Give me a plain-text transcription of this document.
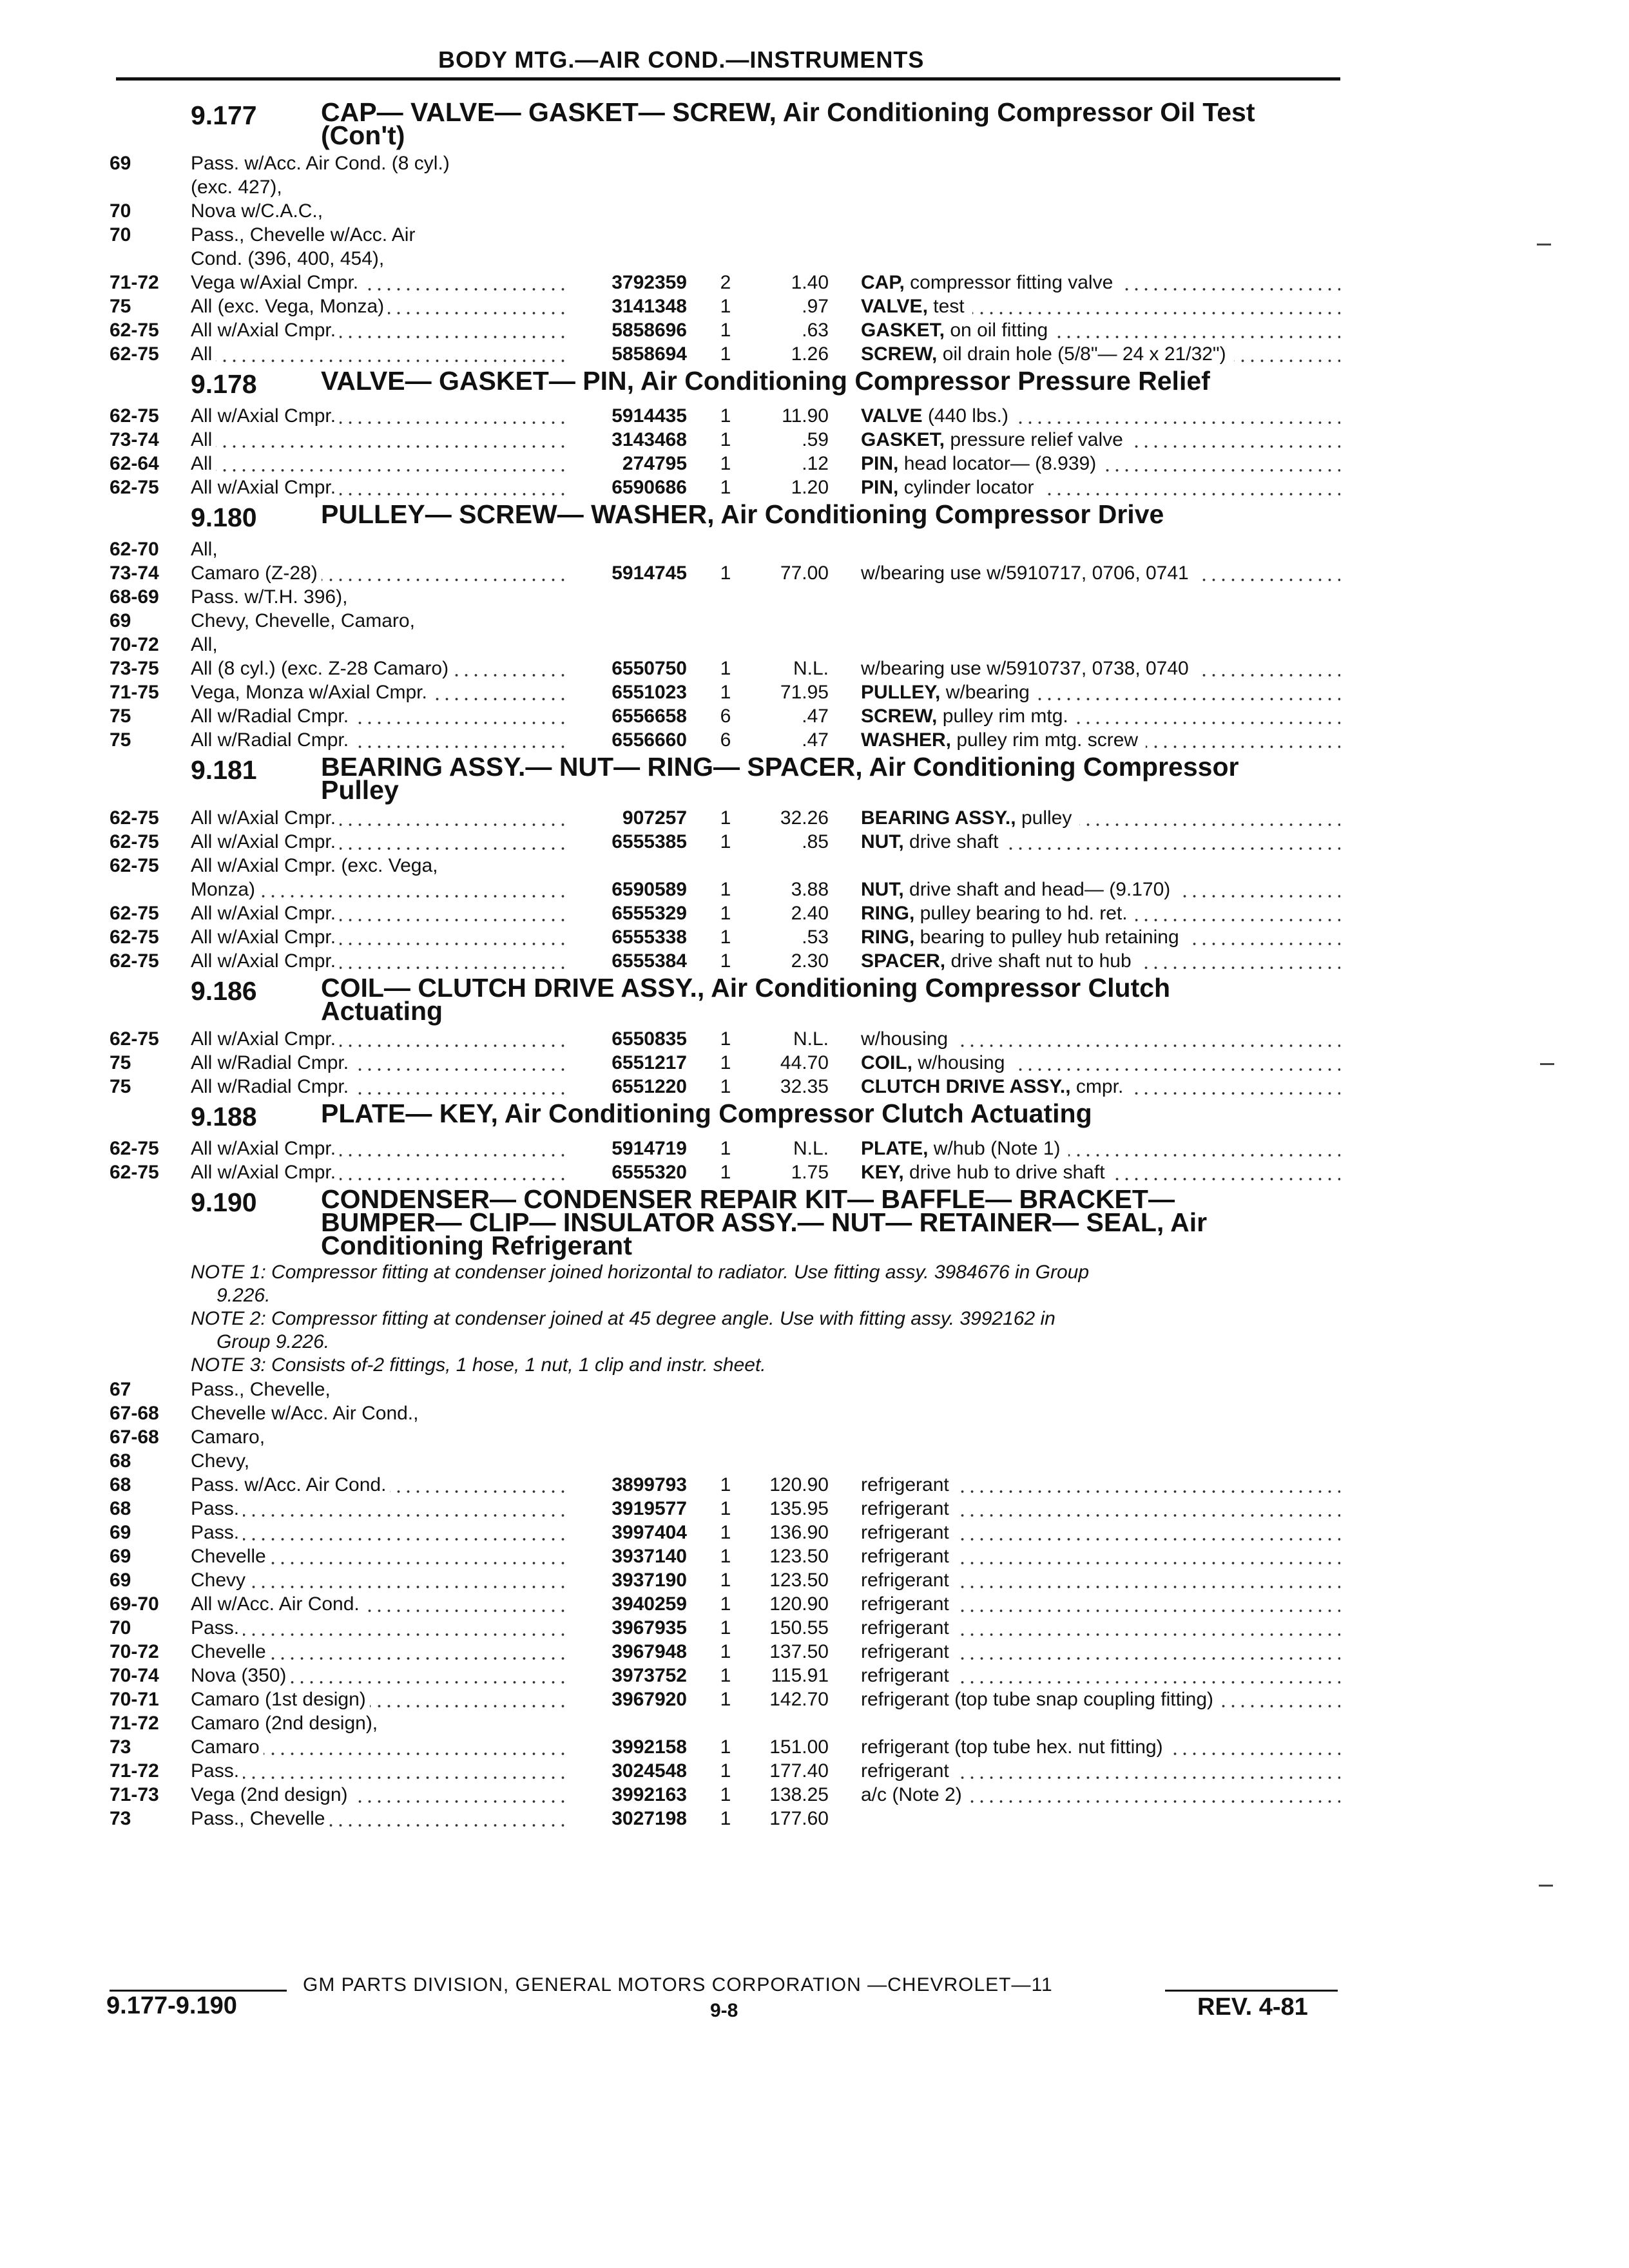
BODY MTG.—AIR COND.—INSTRUMENTS
9.177	CAP— VALVE— GASKET— SCREW, Air Conditioning Compressor Oil Test (Con't)
69	Pass. w/Acc. Air Cond. (8 cyl.)
(exc. 427),
70	Nova w/C.A.C.,
70	Pass., Chevelle w/Acc. Air
Cond. (396, 400, 454),
71-72	Vega w/Axial Cmpr.	3792359	2	1.40 CAP, compressor fitting valve
75	All (exc. Vega, Monza)	3141348	1	.97 VALVE, test
62-75	All w/Axial Cmpr.	5858696	1	.63 GASKET, on oil fitting
62-75	All	5858694	1	1.26 SCREW, oil drain hole (5/8"— 24 x 21/32")
9.178	VALVE— GASKET— PIN, Air Conditioning Compressor Pressure Relief
62-75	All w/Axial Cmpr.	5914435	1	11.90 VALVE (440 lbs.)
73-74	All	3143468	1	.59 GASKET, pressure relief valve
62-64	All	274795	1	.12 PIN, head locator— (8.939)
62-75	All w/Axial Cmpr.	6590686	1	1.20 PIN, cylinder locator
9.180	PULLEY— SCREW— WASHER, Air Conditioning Compressor Drive
62-70	All,
73-74	Camaro (Z-28)	5914745	1	77.00 w/bearing use w/5910717, 0706, 0741
68-69	Pass. w/T.H. 396),
69	Chevy, Chevelle, Camaro,
70-72	All,
73-75	All (8 cyl.) (exc. Z-28 Camaro)	6550750	1	N.L. w/bearing use w/5910737, 0738, 0740
71-75	Vega, Monza w/Axial Cmpr.	6551023	1	71.95 PULLEY, w/bearing
75	All w/Radial Cmpr.	6556658	6	.47 SCREW, pulley rim mtg.
75	All w/Radial Cmpr.	6556660	6	.47 WASHER, pulley rim mtg. screw
9.181	BEARING ASSY.— NUT— RING— SPACER, Air Conditioning Compressor Pulley
62-75	All w/Axial Cmpr.	907257	1	32.26 BEARING ASSY., pulley
62-75	All w/Axial Cmpr.	6555385	1	.85 NUT, drive shaft
62-75	All w/Axial Cmpr. (exc. Vega,
Monza)	6590589	1	3.88 NUT, drive shaft and head— (9.170)
62-75	All w/Axial Cmpr.	6555329	1	2.40 RING, pulley bearing to hd. ret.
62-75	All w/Axial Cmpr.	6555338	1	.53 RING, bearing to pulley hub retaining
62-75	All w/Axial Cmpr.	6555384	1	2.30 SPACER, drive shaft nut to hub
9.186	COIL— CLUTCH DRIVE ASSY., Air Conditioning Compressor Clutch Actuating
62-75	All w/Axial Cmpr.	6550835	1	N.L. w/housing
75	All w/Radial Cmpr.	6551217	1	44.70 COIL, w/housing
75	All w/Radial Cmpr.	6551220	1	32.35 CLUTCH DRIVE ASSY., cmpr.
9.188	PLATE— KEY, Air Conditioning Compressor Clutch Actuating
62-75	All w/Axial Cmpr.	5914719	1	N.L. PLATE, w/hub (Note 1)
62-75	All w/Axial Cmpr.	6555320	1	1.75 KEY, drive hub to drive shaft
9.190	CONDENSER— CONDENSER REPAIR KIT— BAFFLE— BRACKET— BUMPER— CLIP— INSULATOR ASSY.— NUT— RETAINER— SEAL, Air Conditioning Refrigerant
NOTE 1: Compressor fitting at condenser joined horizontal to radiator. Use fitting assy. 3984676 in Group
9.226.
NOTE 2: Compressor fitting at condenser joined at 45 degree angle. Use with fitting assy. 3992162 in
Group 9.226.
NOTE 3: Consists of-2 fittings, 1 hose, 1 nut, 1 clip and instr. sheet.
67	Pass., Chevelle,
67-68	Chevelle w/Acc. Air Cond.,
67-68	Camaro,
68	Chevy,
68	Pass. w/Acc. Air Cond.	3899793	1	120.90 refrigerant
68	Pass.	3919577	1	135.95 refrigerant
69	Pass.	3997404	1	136.90 refrigerant
69	Chevelle	3937140	1	123.50 refrigerant
69	Chevy	3937190	1	123.50 refrigerant
69-70	All w/Acc. Air Cond.	3940259	1	120.90 refrigerant
70	Pass.	3967935	1	150.55 refrigerant
70-72	Chevelle	3967948	1	137.50 refrigerant
70-74	Nova (350)	3973752	1	115.91 refrigerant
70-71	Camaro (1st design)	3967920	1	142.70 refrigerant (top tube snap coupling fitting)
71-72	Camaro (2nd design),
73	Camaro	3992158	1	151.00 refrigerant (top tube hex. nut fitting)
71-72	Pass.	3024548	1	177.40 refrigerant
71-73	Vega (2nd design)	3992163	1	138.25 a/c (Note 2)
73	Pass., Chevelle	3027198	1	177.60
GM PARTS DIVISION, GENERAL MOTORS CORPORATION —CHEVROLET—11
9.177-9.190	9-8	REV. 4-81
